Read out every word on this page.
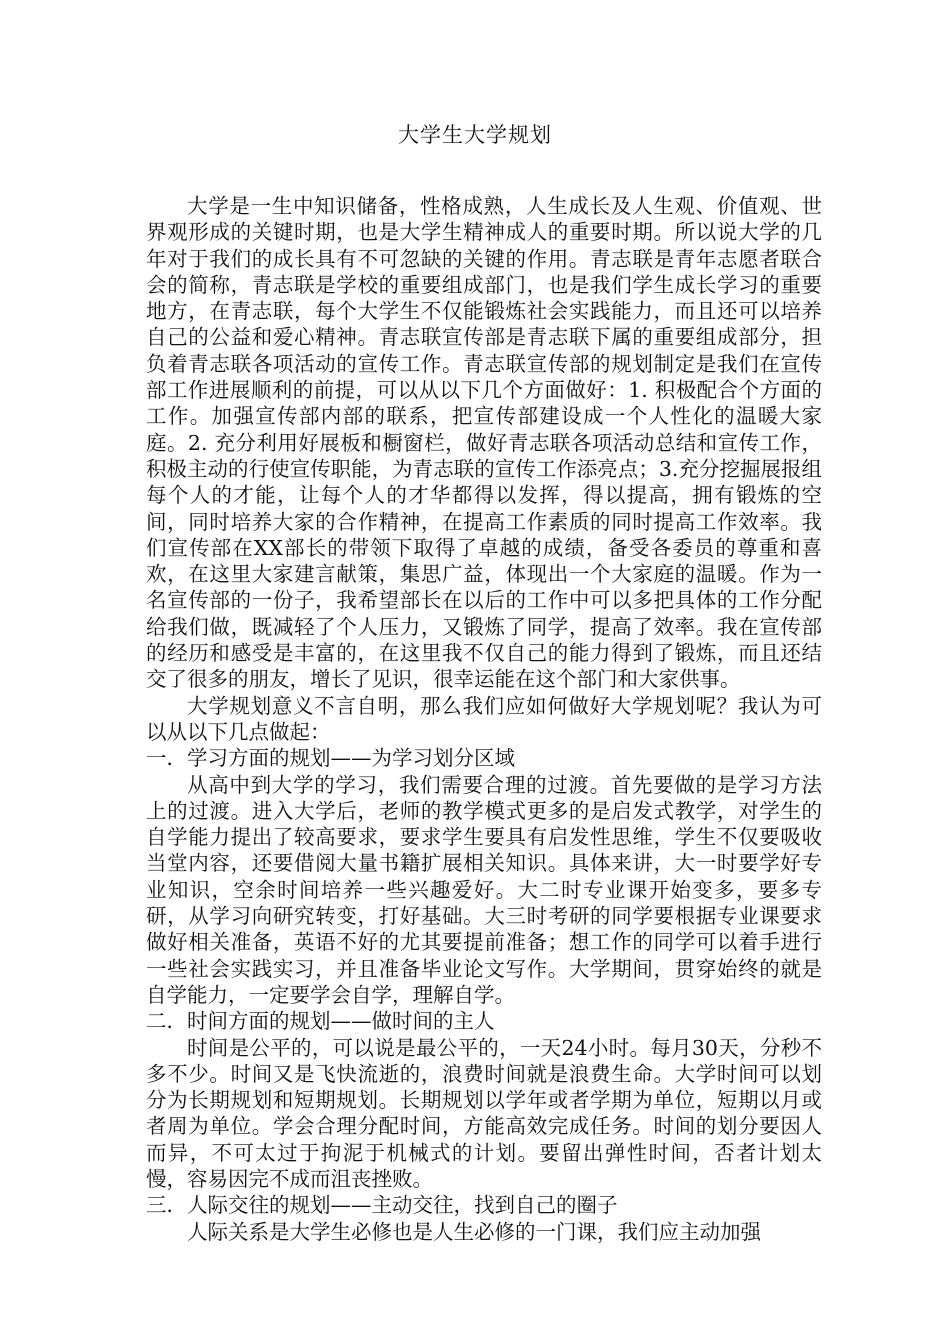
大学生大学规划

大学是一生中知识储备，性格成熟，人生成长及人生观、价值观、世界观形成的关键时期，也是大学生精神成人的重要时期。所以说大学的几年对于我们的成长具有不可忽缺的关键的作用。青志联是青年志愿者联合会的简称，青志联是学校的重要组成部门，也是我们学生成长学习的重要地方，在青志联，每个大学生不仅能锻炼社会实践能力，而且还可以培养自己的公益和爱心精神。青志联宣传部是青志联下属的重要组成部分，担负着青志联各项活动的宣传工作。青志联宣传部的规划制定是我们在宣传部工作进展顺利的前提，可以从以下几个方面做好：1. 积极配合个方面的工作。加强宣传部内部的联系，把宣传部建设成一个人性化的温暖大家庭。2. 充分利用好展板和橱窗栏，做好青志联各项活动总结和宣传工作，积极主动的行使宣传职能，为青志联的宣传工作添亮点；3.充分挖掘展报组每个人的才能，让每个人的才华都得以发挥，得以提高，拥有锻炼的空间，同时培养大家的合作精神，在提高工作素质的同时提高工作效率。我们宣传部在XX部长的带领下取得了卓越的成绩，备受各委员的尊重和喜欢，在这里大家建言献策，集思广益，体现出一个大家庭的温暖。作为一名宣传部的一份子，我希望部长在以后的工作中可以多把具体的工作分配给我们做，既减轻了个人压力，又锻炼了同学，提高了效率。我在宣传部的经历和感受是丰富的，在这里我不仅自己的能力得到了锻炼，而且还结交了很多的朋友，增长了见识，很幸运能在这个部门和大家供事。

大学规划意义不言自明，那么我们应如何做好大学规划呢？我认为可以从以下几点做起：

一．学习方面的规划——为学习划分区域

从高中到大学的学习，我们需要合理的过渡。首先要做的是学习方法上的过渡。进入大学后，老师的教学模式更多的是启发式教学，对学生的自学能力提出了较高要求，要求学生要具有启发性思维，学生不仅要吸收当堂内容，还要借阅大量书籍扩展相关知识。具体来讲，大一时要学好专业知识，空余时间培养一些兴趣爱好。大二时专业课开始变多，要多专研，从学习向研究转变，打好基础。大三时考研的同学要根据专业课要求做好相关准备，英语不好的尤其要提前准备；想工作的同学可以着手进行一些社会实践实习，并且准备毕业论文写作。大学期间，贯穿始终的就是自学能力，一定要学会自学，理解自学。

二．时间方面的规划——做时间的主人

时间是公平的，可以说是最公平的，一天24小时。每月30天，分秒不多不少。时间又是飞快流逝的，浪费时间就是浪费生命。大学时间可以划分为长期规划和短期规划。长期规划以学年或者学期为单位，短期以月或者周为单位。学会合理分配时间，方能高效完成任务。时间的划分要因人而异，不可太过于拘泥于机械式的计划。要留出弹性时间，否者计划太慢，容易因完不成而沮丧挫败。

三．人际交往的规划——主动交往，找到自己的圈子

人际关系是大学生必修也是人生必修的一门课，我们应主动加强
